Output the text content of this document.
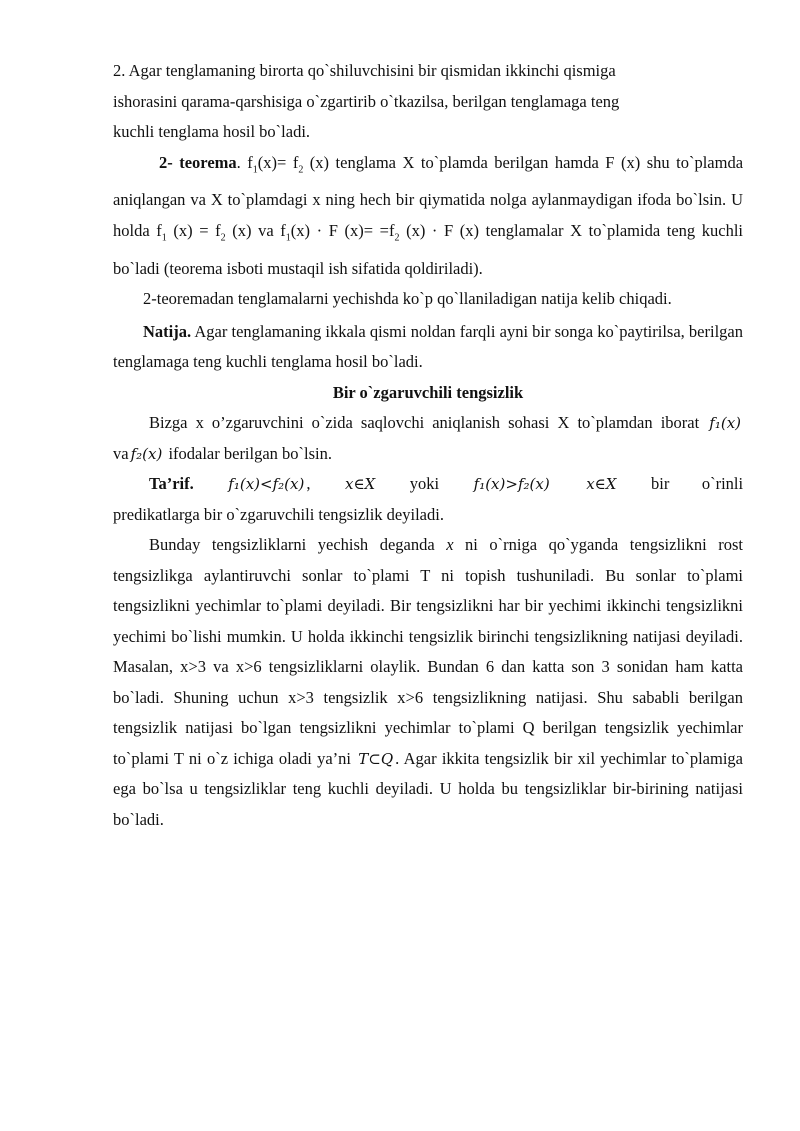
2. Agar tenglamaning birorta qo`shiluvchisini bir qismidan ikkinchi qismiga
ishorasini qarama-qarshisiga o`zgartirib o`tkazilsa, berilgan tenglamaga teng
kuchli tenglama hosil bo`ladi.

2- teorema. $f_1(x)= f_2$ (x) tenglama X to`plamda berilgan hamda F (x) shu to`plamda aniqlangan va X to`plamdagi x ning hech bir qiymatida nolga aylanmaydigan ifoda bo`lsin. U holda $f_1$ $(x) = f_2$ (x) va $f_1(x) \cdot F$ $(x)= =f_2$ (x) · F (x) tenglamalar X to`plamida teng kuchli bo`ladi (teorema isboti mustaqil ish sifatida qoldiriladi).

2-teoremadan tenglamalarni yechishda ko`p qo`llaniladigan natija kelib chiqadi.

Natija. Agar tenglamaning ikkala qismi noldan farqli ayni bir songa ko`paytirilsa, berilgan tenglamaga teng kuchli tenglama hosil bo`ladi.

Bir o`zgaruvchili tengsizlik

Bizga x o’zgaruvchini o`zida saqlovchi aniqlanish sohasi X to`plamdan iborat f₁(x) va f₂(x) ifodalar berilgan bo`lsin.

Ta’rif. f₁(x)<f₂(x) , x∈X yoki f₁(x)>f₂(x) x∈X bir o`rinli

predikatlarga bir o`zgaruvchili tengsizlik deyiladi.

Bunday tengsizliklarni yechish deganda x ni o`rniga qo`yganda tengsizlikni rost tengsizlikga aylantiruvchi sonlar to`plami T ni topish tushuniladi. Bu sonlar to`plami tengsizlikni yechimlar to`plami deyiladi. Bir tengsizlikni har bir yechimi ikkinchi tengsizlikni yechimi bo`lishi mumkin. U holda ikkinchi tengsizlik birinchi tengsizlikning natijasi deyiladi. Masalan, x>3 va x>6 tengsizliklarni olaylik. Bundan 6 dan katta son 3 sonidan ham katta bo`ladi. Shuning uchun x>3 tengsizlik x>6 tengsizlikning natijasi. Shu sababli berilgan tengsizlik natijasi bo`lgan tengsizlikni yechimlar to`plami Q berilgan tengsizlik yechimlar to`plami T ni o`z ichiga oladi ya’ni T⊂Q . Agar ikkita tengsizlik bir xil yechimlar to`plamiga ega bo`lsa u tengsizliklar teng kuchli deyiladi. U holda bu tengsizliklar bir-birining natijasi bo`ladi.
